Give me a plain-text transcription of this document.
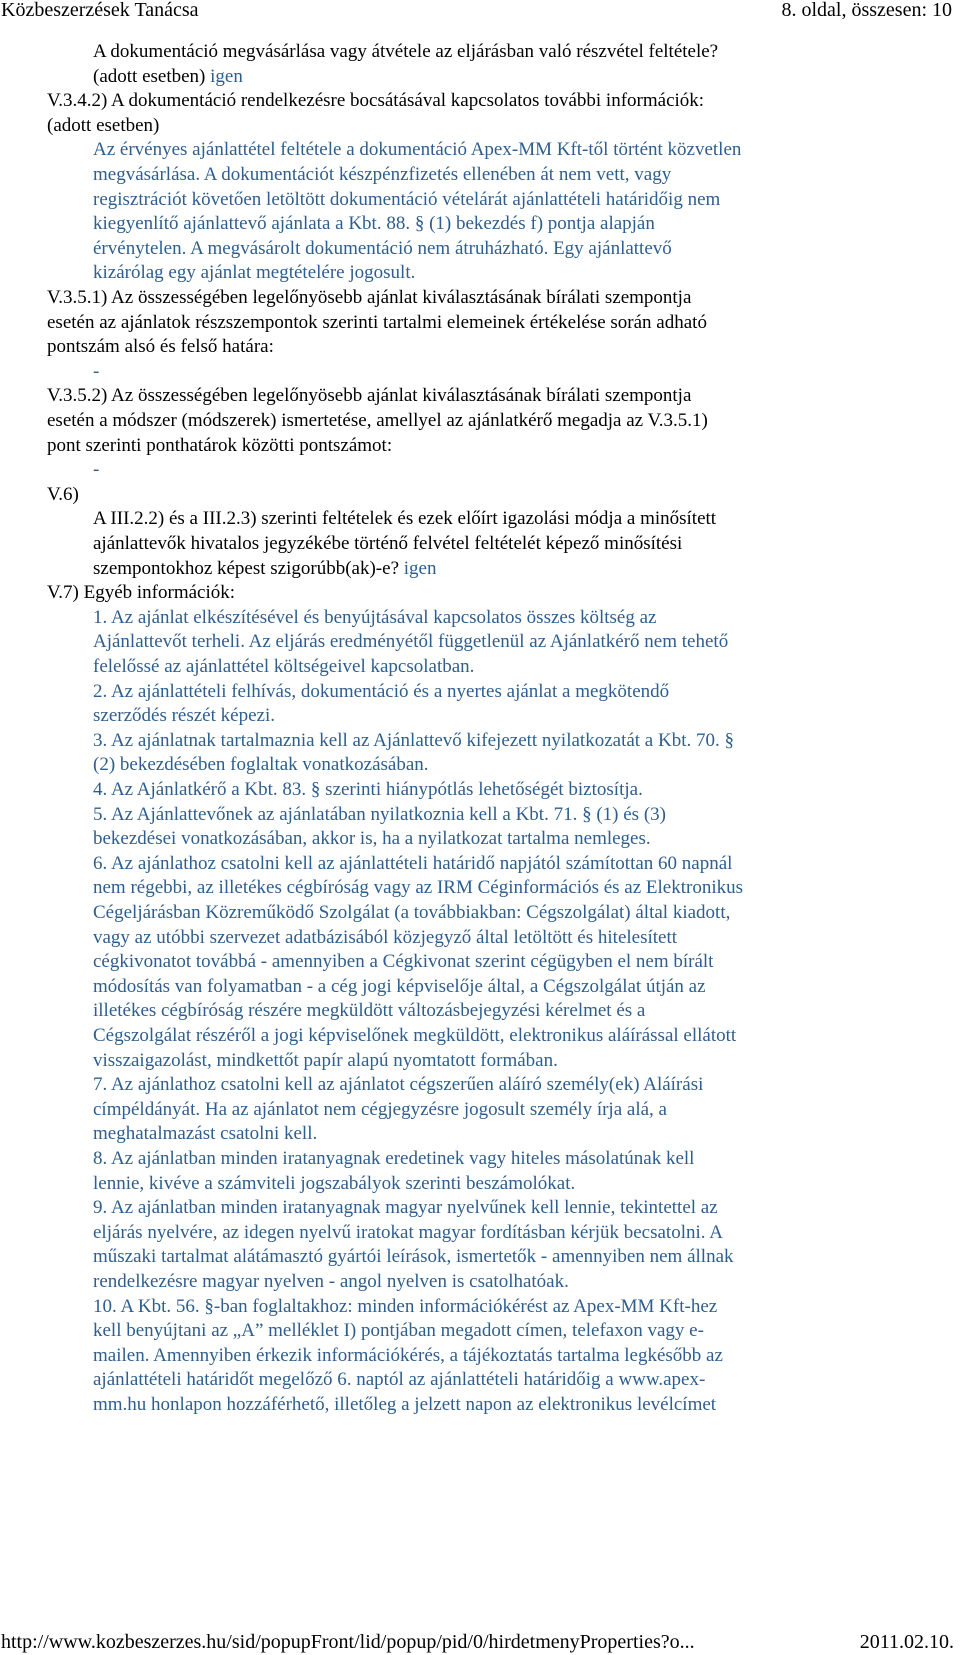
Közbeszerzések Tanácsa	8. oldal, összesen: 10
A dokumentáció megvásárlása vagy átvétele az eljárásban való részvétel feltétele?
(adott esetben) igen
V.3.4.2) A dokumentáció rendelkezésre bocsátásával kapcsolatos további információk:
(adott esetben)
Az érvényes ajánlattétel feltétele a dokumentáció Apex-MM Kft-től történt közvetlen
megvásárlása. A dokumentációt készpénzfizetés ellenében át nem vett, vagy
regisztrációt követően letöltött dokumentáció vételárát ajánlattételi határidőig nem
kiegyenlítő ajánlattevő ajánlata a Kbt. 88. § (1) bekezdés f) pontja alapján
érvénytelen. A megvásárolt dokumentáció nem átruházható. Egy ajánlattevő
kizárólag egy ajánlat megtételére jogosult.
V.3.5.1) Az összességében legelőnyösebb ajánlat kiválasztásának bírálati szempontja
esetén az ajánlatok részszempontok szerinti tartalmi elemeinek értékelése során adható
pontszám alsó és felső határa:
-
V.3.5.2) Az összességében legelőnyösebb ajánlat kiválasztásának bírálati szempontja
esetén a módszer (módszerek) ismertetése, amellyel az ajánlatkérő megadja az V.3.5.1)
pont szerinti ponthatárok közötti pontszámot:
-
V.6)
A III.2.2) és a III.2.3) szerinti feltételek és ezek előírt igazolási módja a minősített
ajánlattevők hivatalos jegyzékébe történő felvétel feltételét képező minősítési
szempontokhoz képest szigorúbb(ak)-e? igen
V.7) Egyéb információk:
1. Az ajánlat elkészítésével és benyújtásával kapcsolatos összes költség az
Ajánlattevőt terheli. Az eljárás eredményétől függetlenül az Ajánlatkérő nem tehető
felelőssé az ajánlattétel költségeivel kapcsolatban.
2. Az ajánlattételi felhívás, dokumentáció és a nyertes ajánlat a megkötendő
szerződés részét képezi.
3. Az ajánlatnak tartalmaznia kell az Ajánlattevő kifejezett nyilatkozatát a Kbt. 70. §
(2) bekezdésében foglaltak vonatkozásában.
4. Az Ajánlatkérő a Kbt. 83. § szerinti hiánypótlás lehetőségét biztosítja.
5. Az Ajánlattevőnek az ajánlatában nyilatkoznia kell a Kbt. 71. § (1) és (3)
bekezdései vonatkozásában, akkor is, ha a nyilatkozat tartalma nemleges.
6. Az ajánlathoz csatolni kell az ajánlattételi határidő napjától számítottan 60 napnál
nem régebbi, az illetékes cégbíróság vagy az IRM Céginformációs és az Elektronikus
Cégeljárásban Közreműködő Szolgálat (a továbbiakban: Cégszolgálat) által kiadott,
vagy az utóbbi szervezet adatbázisából közjegyző által letöltött és hitelesített
cégkivonatot továbbá - amennyiben a Cégkivonat szerint cégügyben el nem bírált
módosítás van folyamatban - a cég jogi képviselője által, a Cégszolgálat útján az
illetékes cégbíróság részére megküldött változásbejegyzési kérelmet és a
Cégszolgálat részéről a jogi képviselőnek megküldött, elektronikus aláírással ellátott
visszaigazolást, mindkettőt papír alapú nyomtatott formában.
7. Az ajánlathoz csatolni kell az ajánlatot cégszerűen aláíró személy(ek) Aláírási
címpéldányát. Ha az ajánlatot nem cégjegyzésre jogosult személy írja alá, a
meghatalmazást csatolni kell.
8. Az ajánlatban minden iratanyagnak eredetinek vagy hiteles másolatúnak kell
lennie, kivéve a számviteli jogszabályok szerinti beszámolókat.
9. Az ajánlatban minden iratanyagnak magyar nyelvűnek kell lennie, tekintettel az
eljárás nyelvére, az idegen nyelvű iratokat magyar fordításban kérjük becsatolni. A
műszaki tartalmat alátámasztó gyártói leírások, ismertetők - amennyiben nem állnak
rendelkezésre magyar nyelven - angol nyelven is csatolhatóak.
10. A Kbt. 56. §-ban foglaltakhoz: minden információkérést az Apex-MM Kft-hez
kell benyújtani az „A” melléklet I) pontjában megadott címen, telefaxon vagy e-
mailen. Amennyiben érkezik információkérés, a tájékoztatás tartalma legkésőbb az
ajánlattételi határidőt megelőző 6. naptól az ajánlattételi határidőig a www.apex-
mm.hu honlapon hozzáférhető, illetőleg a jelzett napon az elektronikus levélcímet
http://www.kozbeszerzes.hu/sid/popupFront/lid/popup/pid/0/hirdetmenyProperties?o...	2011.02.10.
